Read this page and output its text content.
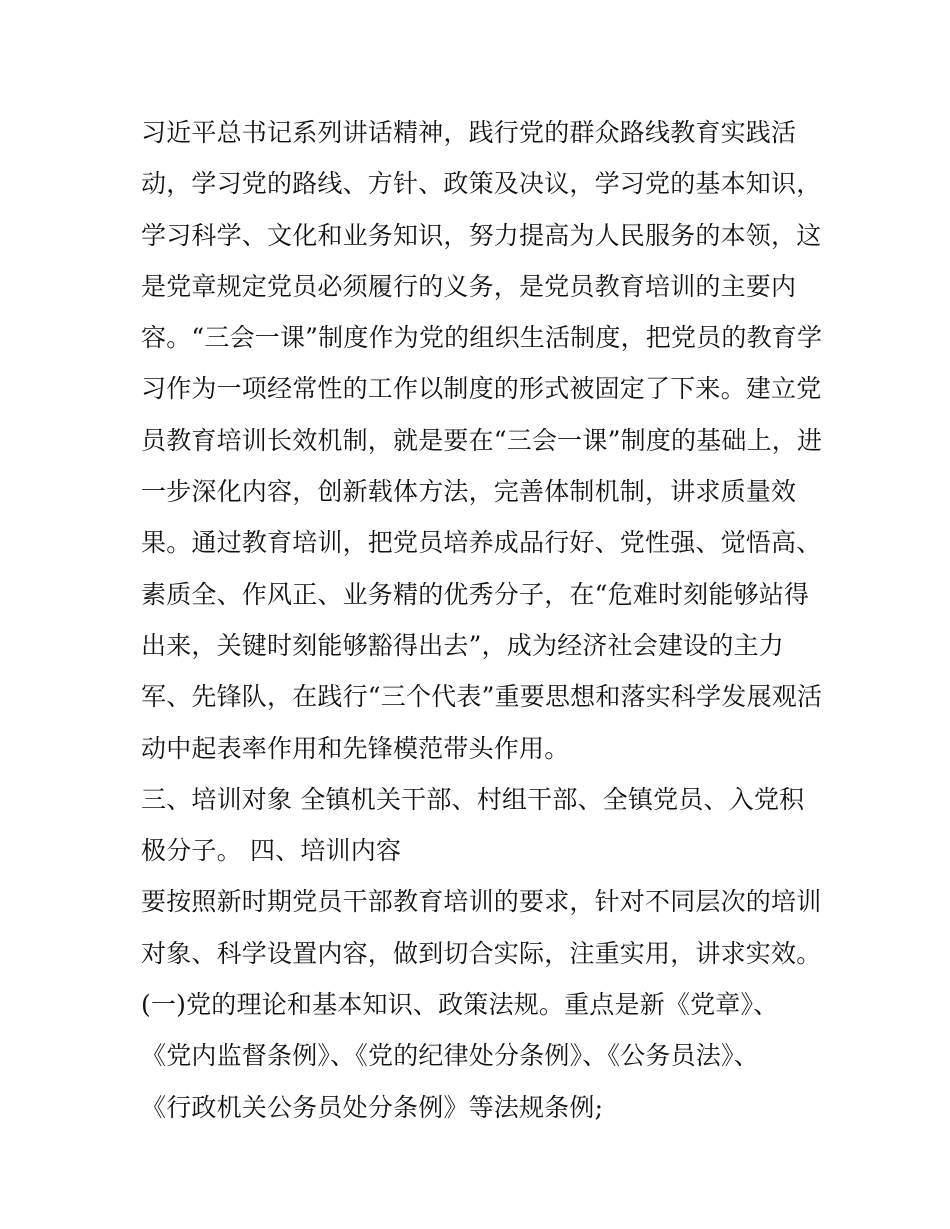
习近平总书记系列讲话精神，践行党的群众路线教育实践活
动，学习党的路线、方针、政策及决议，学习党的基本知识，
学习科学、文化和业务知识，努力提高为人民服务的本领，这
是党章规定党员必须履行的义务，是党员教育培训的主要内
容。“三会一课”制度作为党的组织生活制度，把党员的教育学
习作为一项经常性的工作以制度的形式被固定了下来。建立党
员教育培训长效机制，就是要在“三会一课”制度的基础上，进
一步深化内容，创新载体方法，完善体制机制，讲求质量效
果。通过教育培训，把党员培养成品行好、党性强、觉悟高、
素质全、作风正、业务精的优秀分子，在“危难时刻能够站得
出来，关键时刻能够豁得出去”，成为经济社会建设的主力
军、先锋队，在践行“三个代表”重要思想和落实科学发展观活
动中起表率作用和先锋模范带头作用。
三、培训对象 全镇机关干部、村组干部、全镇党员、入党积
极分子。 四、培训内容
要按照新时期党员干部教育培训的要求，针对不同层次的培训
对象、科学设置内容，做到切合实际，注重实用，讲求实效。
(一)党的理论和基本知识、政策法规。重点是新《党章》、
《党内监督条例》、《党的纪律处分条例》、《公务员法》、
《行政机关公务员处分条例》等法规条例;
